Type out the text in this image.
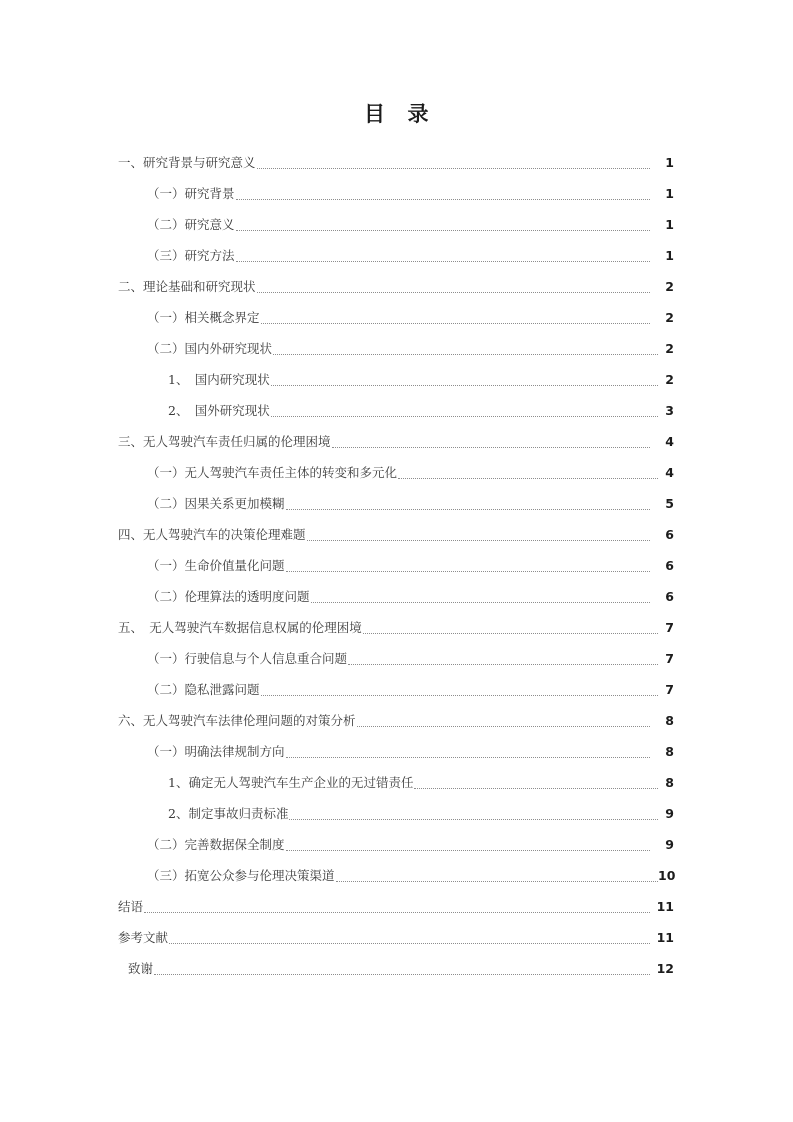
目 录
一、研究背景与研究意义	1
（一）研究背景	1
（二）研究意义	1
（三）研究方法	1
二、理论基础和研究现状	2
（一）相关概念界定	2
（二）国内外研究现状	2
1、　国内研究现状	2
2、　国外研究现状	3
三、无人驾驶汽车责任归属的伦理困境	4
（一）无人驾驶汽车责任主体的转变和多元化	4
（二）因果关系更加模糊	5
四、无人驾驶汽车的决策伦理难题	6
（一）生命价值量化问题	6
（二）伦理算法的透明度问题	6
五、　无人驾驶汽车数据信息权属的伦理困境	7
（一）行驶信息与个人信息重合问题	7
（二）隐私泄露问题	7
六、无人驾驶汽车法律伦理问题的对策分析	8
（一）明确法律规制方向	8
1、确定无人驾驶汽车生产企业的无过错责任	8
2、制定事故归责标准	9
（二）完善数据保全制度	9
（三）拓宽公众参与伦理决策渠道	10
结语	11
参考文献	11
致谢	12
